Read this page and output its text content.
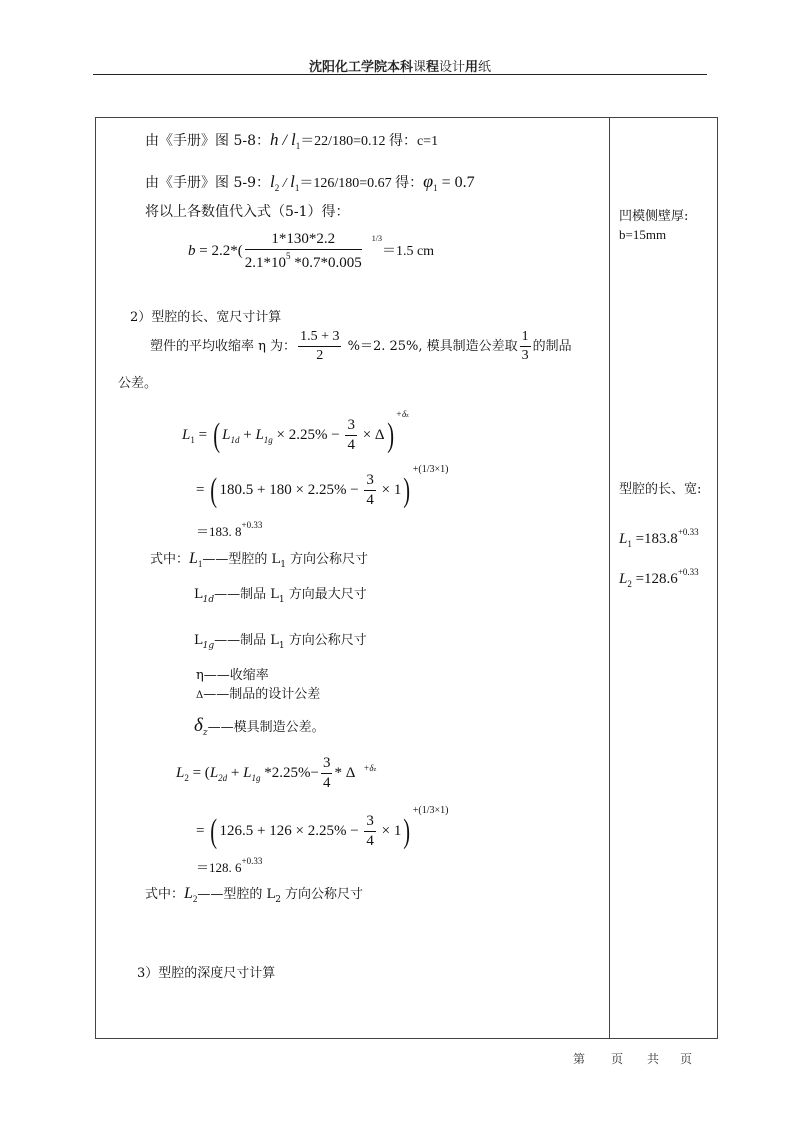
沈阳化工学院本科课程设计用纸
由《手册》图 5-8：$h / l_1=22/180=0.12$ 得：c=1
由《手册》图 5-9：$l_2 / l_1=126/180=0.67$ 得：$\varphi_1 = 0.7$
将以上各数值代入式（5-1）得：
$b = 2.2*( \frac{1*130*2.2}{2.1*10^5 *0.7*0.005} ^{1/3}=1.5$ cm
2）型腔的长、宽尺寸计算
塑件的平均收缩率 η 为： $\frac{1.5 + 3}{2} \%=2$. 25%, 模具制造公差取 $\frac{1}{3}$ 的制品
公差。
$L_1$ = ( $L_{1d} + L_{1g} \times 2.25\% - \frac{3}{4} \times \Delta)^{+\delta z}$
= ( $180.5 + 180 \times 2.25\% - \frac{3}{4} \times 1)^{+(1/3\times 1)}$
＝183. $8^{+0.33}$
式中：$L_1——$型腔的 $L_1$ 方向公称尺寸
$L_{1d}——$制品 $L_1$ 方向最大尺寸
$L_{1g}——$制品 $L_1$ 方向公称尺寸
η——收缩率
Δ——制品的设计公差
$\delta_z——$模具制造公差。
$L_2 = (L_{2d} + L_{1g}$ $*2.25\%- \frac{3}{4} * \Delta$ $^{+\delta z}$
= ( $126.5 + 126 \times 2.25\% - \frac{3}{4} \times 1)^{+(1/3\times 1)}$
＝128. $6^{+0.33}$
式中：$L_2——$型腔的 $L_2$ 方向公称尺寸
3）型腔的深度尺寸计算
凹模侧壁厚:
b=15mm
型腔的长、宽:
$L_1 =183.8^{+0.33}$
$L_2 =128.6^{+0.33}$
第 页 共 页
